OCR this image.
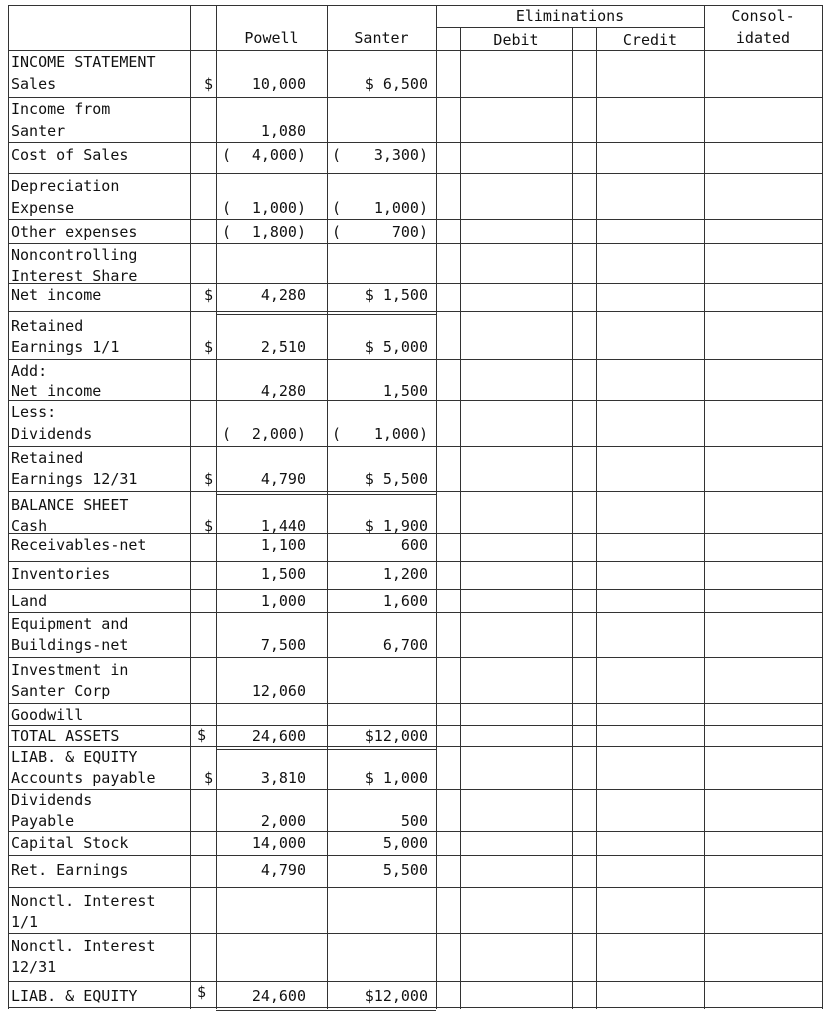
Eliminations	Consol-
idated
Powell	Santer	Debit	Credit
INCOME STATEMENT
Sales	$	10,000	$ 6,500
Income from
Santer	1,080
Cost of Sales	(	4,000) (	3,300)
Depreciation
Expense	(	1,000) (	1,000)
Other expenses	(	1,800) (	700)
Noncontrolling
Interest Share
Net income	$	4,280	$ 1,500
Retained
Earnings 1/1	$	2,510	$ 5,000
Add:
Net income	4,280	1,500
Less:
Dividends	(	2,000) (	1,000)
Retained
Earnings 12/31	$	4,790	$ 5,500
BALANCE SHEET
Cash	$	1,440	$ 1,900
Receivables-net	1,100	600
Inventories	1,500	1,200
Land	1,000	1,600
Equipment and
Buildings-net	7,500	6,700
Investment in
Santer Corp	12,060
Goodwill
TOTAL ASSETS	$	24,600	$12,000
LIAB. & EQUITY
Accounts payable	$	3,810	$ 1,000
Dividends
Payable	2,000	500
Capital Stock	14,000	5,000
Ret. Earnings	4,790	5,500
Nonctl. Interest
1/1
Nonctl. Interest
12/31
LIAB. & EQUITY	$	24,600	$12,000
